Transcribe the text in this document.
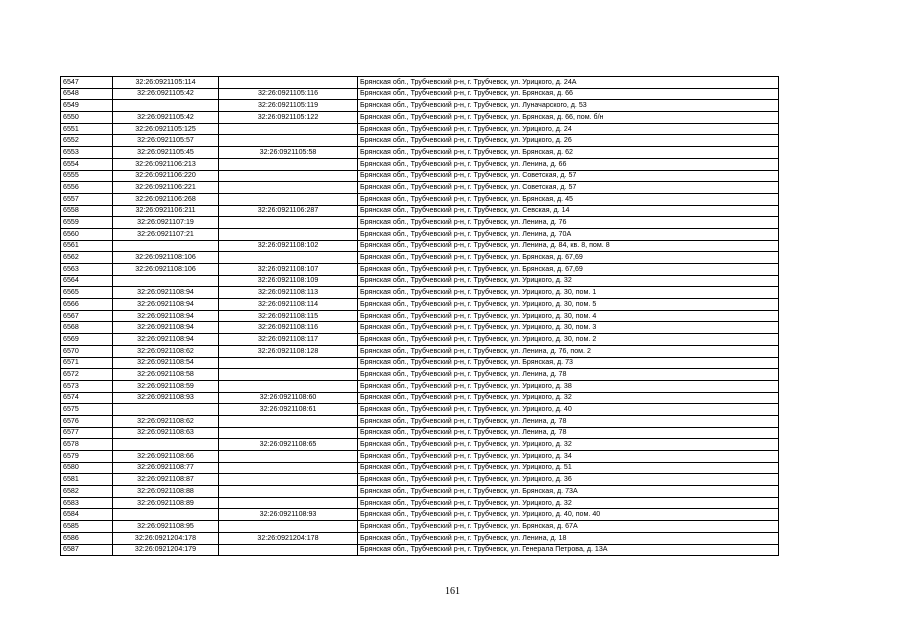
6547	32:26:0921105:114		Брянская обл., Трубчевский р-н, г. Трубчевск, ул. Урицкого, д. 24А
6548	32:26:0921105:42	32:26:0921105:116	Брянская обл., Трубчевский р-н, г. Трубчевск, ул. Брянская, д. 66
6549		32:26:0921105:119	Брянская обл., Трубчевский р-н, г. Трубчевск, ул. Луначарского, д. 53
6550	32:26:0921105:42	32:26:0921105:122	Брянская обл., Трубчевский р-н, г. Трубчевск, ул. Брянская, д. 66, пом. б/н
6551	32:26:0921105:125		Брянская обл., Трубчевский р-н, г. Трубчевск, ул. Урицкого, д. 24
6552	32:26:0921105:57		Брянская обл., Трубчевский р-н, г. Трубчевск, ул. Урицкого, д. 26
6553	32:26:0921105:45	32:26:0921105:58	Брянская обл., Трубчевский р-н, г. Трубчевск, ул. Брянская, д. 62
6554	32:26:0921106:213		Брянская обл., Трубчевский р-н, г. Трубчевск, ул. Ленина, д. 66
6555	32:26:0921106:220		Брянская обл., Трубчевский р-н, г. Трубчевск, ул. Советская, д. 57
6556	32:26:0921106:221		Брянская обл., Трубчевский р-н, г. Трубчевск, ул. Советская, д. 57
6557	32:26:0921106:268		Брянская обл., Трубчевский р-н, г. Трубчевск, ул. Брянская, д. 45
6558	32:26:0921106:211	32:26:0921106:287	Брянская обл., Трубчевский р-н, г. Трубчевск, ул. Севская, д. 14
6559	32:26:0921107:19		Брянская обл., Трубчевский р-н, г. Трубчевск, ул. Ленина, д. 76
6560	32:26:0921107:21		Брянская обл., Трубчевский р-н, г. Трубчевск, ул. Ленина, д. 70А
6561		32:26:0921108:102	Брянская обл., Трубчевский р-н, г. Трубчевск, ул. Ленина, д. 84, кв. 8, пом. 8
6562	32:26:0921108:106		Брянская обл., Трубчевский р-н, г. Трубчевск, ул. Брянская, д. 67,69
6563	32:26:0921108:106	32:26:0921108:107	Брянская обл., Трубчевский р-н, г. Трубчевск, ул. Брянская, д. 67,69
6564		32:26:0921108:109	Брянская обл., Трубчевский р-н, г. Трубчевск, ул. Урицкого, д. 32
6565	32:26:0921108:94	32:26:0921108:113	Брянская обл., Трубчевский р-н, г. Трубчевск, ул. Урицкого, д. 30, пом. 1
6566	32:26:0921108:94	32:26:0921108:114	Брянская обл., Трубчевский р-н, г. Трубчевск, ул. Урицкого, д. 30, пом. 5
6567	32:26:0921108:94	32:26:0921108:115	Брянская обл., Трубчевский р-н, г. Трубчевск, ул. Урицкого, д. 30, пом. 4
6568	32:26:0921108:94	32:26:0921108:116	Брянская обл., Трубчевский р-н, г. Трубчевск, ул. Урицкого, д. 30, пом. 3
6569	32:26:0921108:94	32:26:0921108:117	Брянская обл., Трубчевский р-н, г. Трубчевск, ул. Урицкого, д. 30, пом. 2
6570	32:26:0921108:62	32:26:0921108:128	Брянская обл., Трубчевский р-н, г. Трубчевск, ул. Ленина, д. 76, пом. 2
6571	32:26:0921108:54		Брянская обл., Трубчевский р-н, г. Трубчевск, ул. Брянская, д. 73
6572	32:26:0921108:58		Брянская обл., Трубчевский р-н, г. Трубчевск, ул. Ленина, д. 78
6573	32:26:0921108:59		Брянская обл., Трубчевский р-н, г. Трубчевск, ул. Урицкого, д. 38
6574	32:26:0921108:93	32:26:0921108:60	Брянская обл., Трубчевский р-н, г. Трубчевск, ул. Урицкого, д. 32
6575		32:26:0921108:61	Брянская обл., Трубчевский р-н, г. Трубчевск, ул. Урицкого, д. 40
6576	32:26:0921108:62		Брянская обл., Трубчевский р-н, г. Трубчевск, ул. Ленина, д. 78
6577	32:26:0921108:63		Брянская обл., Трубчевский р-н, г. Трубчевск, ул. Ленина, д. 78
6578		32:26:0921108:65	Брянская обл., Трубчевский р-н, г. Трубчевск, ул. Урицкого, д. 32
6579	32:26:0921108:66		Брянская обл., Трубчевский р-н, г. Трубчевск, ул. Урицкого, д. 34
6580	32:26:0921108:77		Брянская обл., Трубчевский р-н, г. Трубчевск, ул. Урицкого, д. 51
6581	32:26:0921108:87		Брянская обл., Трубчевский р-н, г. Трубчевск, ул. Урицкого, д. 36
6582	32:26:0921108:88		Брянская обл., Трубчевский р-н, г. Трубчевск, ул. Брянская, д. 73А
6583	32:26:0921108:89		Брянская обл., Трубчевский р-н, г. Трубчевск, ул. Урицкого, д. 32
6584		32:26:0921108:93	Брянская обл., Трубчевский р-н, г. Трубчевск, ул. Урицкого, д. 40, пом. 40
6585	32:26:0921108:95		Брянская обл., Трубчевский р-н, г. Трубчевск, ул. Брянская, д. 67А
6586	32:26:0921204:178	32:26:0921204:178	Брянская обл., Трубчевский р-н, г. Трубчевск, ул. Ленина, д. 18
6587	32:26:0921204:179		Брянская обл., Трубчевский р-н, г. Трубчевск, ул. Генерала Петрова, д. 13А
161
